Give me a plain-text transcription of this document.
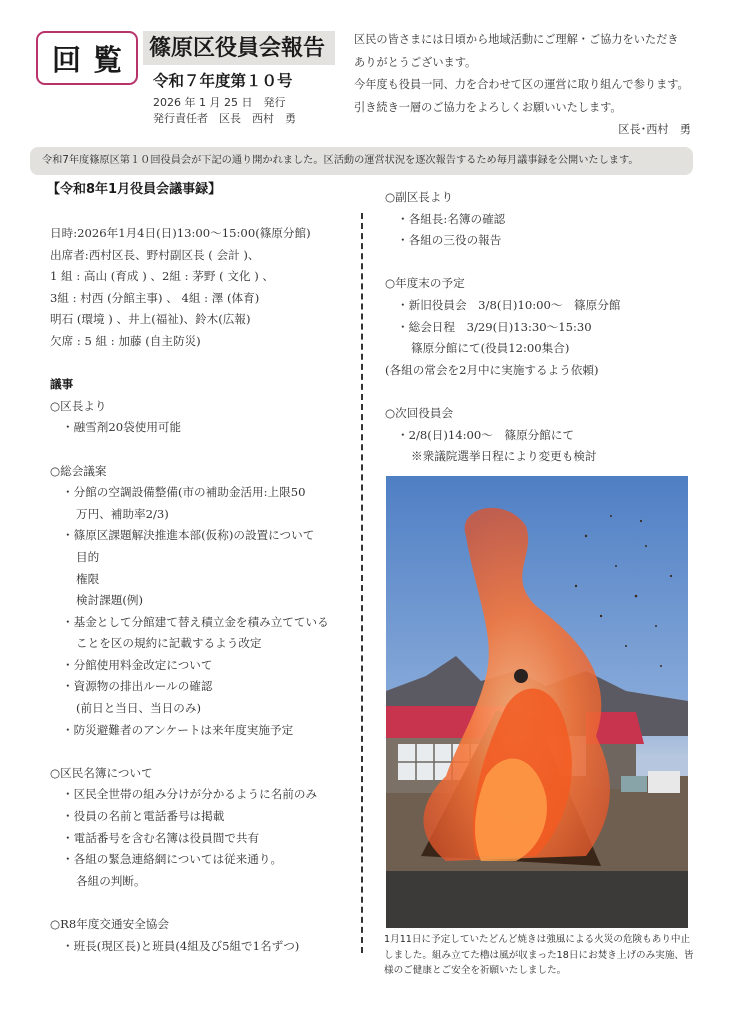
回 覧 篠原区役員会報告
令和７年度第１０号
2026 年 1 月 25 日　発行
発行責任者　区長　西村　勇
区民の皆さまには日頃から地域活動にご理解・ご協力をいただき
ありがとうございます。
今年度も役員一同、力を合わせて区の運営に取り組んで参ります。
引き続き一層のご協力をよろしくお願いいたします。
区長･西村　勇
令和7年度篠原区第１０回役員会が下記の通り開かれました。区活動の運営状況を逐次報告するため毎月議事録を公開いたします。
【令和8年1月役員会議事録】
日時:2026年1月4日(日)13:00～15:00(篠原分館)
出席者:西村区長、野村副区長 ( 会計 )、
1 組 : 高山 (育成 ) 、2組 : 茅野 ( 文化 ) 、
3組 : 村西 (分館主事) 、 4組 : 澤 (体育)
明石 (環境 ) 、井上(福祉)、鈴木(広報)
欠席 : 5 組 : 加藤 (自主防災)
議事
○区長より
・融雪剤20袋使用可能
○総会議案
・分館の空調設備整備(市の補助金活用:上限50
万円、補助率2/3)
・篠原区課題解決推進本部(仮称)の設置について
目的
権限
検討課題(例)
・基金として分館建て替え積立金を積み立てている
ことを区の規約に記載するよう改定
・分館使用料金改定について
・資源物の排出ルールの確認
(前日と当日、当日のみ)
・防災避難者のアンケートは来年度実施予定
○区民名簿について
・区民全世帯の組み分けが分かるように名前のみ
・役員の名前と電話番号は掲載
・電話番号を含む名簿は役員間で共有
・各組の緊急連絡網については従来通り。
各組の判断。
○R8年度交通安全協会
・班長(現区長)と班員(4組及び5組で1名ずつ)
○副区長より
・各組長:名簿の確認
・各組の三役の報告
○年度末の予定
・新旧役員会　3/8(日)10:00～　篠原分館
・総会日程　3/29(日)13:30～15:30
篠原分館にて(役員12:00集合)
(各組の常会を2月中に実施するよう依頼)
○次回役員会
・2/8(日)14:00～　篠原分館にて
※衆議院選挙日程により変更も検討
1月11日に予定していたどんど焼きは強風による火災の危険もあり中止しました。組み立てた櫓は風が収まった18日にお焚き上げのみ実施、皆様のご健康とご安全を祈願いたしました。
